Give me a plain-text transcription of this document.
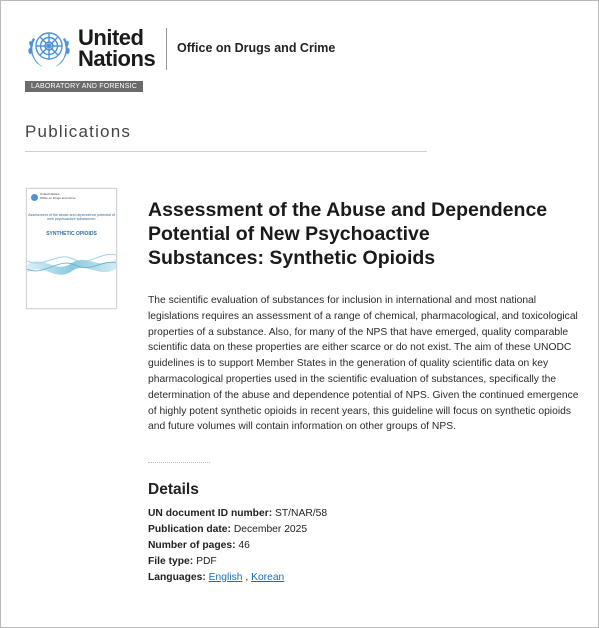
United
Nations Office on Drugs and Crime
LABORATORY AND FORENSIC SCIENCE
Publications
United Nations
Office on Drugs and Crime
Assessment of the abuse and dependence potential of new psychoactive substances:
SYNTHETIC OPIOIDS
Assessment of the Abuse and Dependence Potential of New Psychoactive Substances: Synthetic Opioids
The scientific evaluation of substances for inclusion in international and most national legislations requires an assessment of a range of chemical, pharmacological, and toxicological properties of a substance. Also, for many of the NPS that have emerged, quality comparable scientific data on these properties are either scarce or do not exist. The aim of these UNODC guidelines is to support Member States in the generation of quality scientific data on key pharmacological properties used in the scientific evaluation of substances, specifically the determination of the abuse and dependence potential of NPS. Given the continued emergence of highly potent synthetic opioids in recent years, this guideline will focus on synthetic opioids and future volumes will contain information on other groups of NPS.
Details
UN document ID number: ST/NAR/58
Publication date: December 2025
Number of pages: 46
File type: PDF
Languages: English , Korean
